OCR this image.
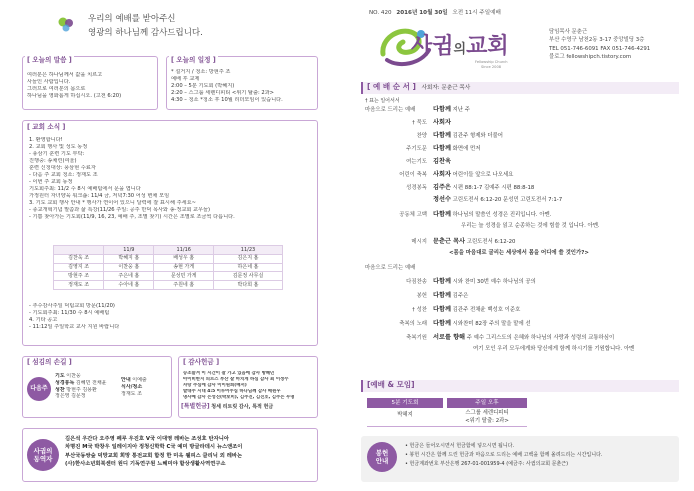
우리의 예배를 받아주신
영광의 하나님께 감사드립니다.
[ 오늘의 말씀 ]
여러분은 하나님께서 값을 치르고
사들인 사람입니다.
그러므로 여러분의 몸으로
하나님을 영화롭게 하십시오. (고전 6:20)
[ 오늘의 일정 ]
* 설거지 / 청소: 방현주 조
예배 후 교제
2:00 – 5분 기도회 (박혜지)
2:20 – 스그룹 세렌디피티 <위기 탈출: 2과>
4:30 – 청소 *청소 후 10월 리더모임이 있습니다.
[ 교회 소식 ]
1. 환영합니다!
2. 교회 행사 및 성도 동정
- 풍삼기 훈련 기도 부탁:
진행중: 송채린(여울)
훈련 신청대상: 풍삼현 수료자
- 다음 주 교회 청소: 정재도 조
- 이번 주 교회 동정
기도회주최: 11/2 수 8시 예배팀에서 문을 엽니다
가정원터 자녀양육 워크숍: 11/4 금, 저녁7:30 어성 변채 모임
3. 기도 교회 행사 안내 * 행사가 연이어 있으니 달력에 잘 표시해 주세요~
- 종교개혁기념 말씀과 삶 특강(11/26 주일: 공주 만덕 목사와 송·정교회 교우들)
- 기쁨 찾아가는 기도회(11/9, 16, 23, 예배 주, 조별 찾기) 시간은 조별로 조금씩 다릅니다.
	11/9	11/16	11/23
김찬욱 조	박혜지 홈	배성우 홈	김은지 홈
김영지 조	이찬웅 홈	송현 가게	하은네 홈
방현주 조	주은네 홈	문성민 가게	김문정 사무실
정재도 조	수아네 홈	주원네 홈	박다희 홈
- 추수감사주일 덕팀교회 방문(11/20)
- 기도회주최: 11/30 수 8시 예배팀
4. 기타 공고
- 11:12일 주일학교 교사 지원 바랍니다
[ 섬김의 손길 ]
다음주
기도 이찬웅
성경봉독 김혜민 전채윤
성찬 방현주 김용환
정은영 김문정
안내 이예출
식사/청소
정재도 조
[ 감사헌금 ]
승조즐겨 이 시간이 잘 가고 있음에 감사 방혜민
아이비한지 피르스 부산 잘 마치게 하심 감사 최 이정수
자랑 주심에 감사 이이원희(배서)
발대주 시대 4:5 이루어주심 하나님께 감사 배원우
명사예 감사 은성진(박보미), 김주진, 김진호, 김주은 무명
[특별헌금] 청세 리트릿 감사, 특적 헌금
사귐의
동역자
김은석 우간다 오주영 페루 우진호 V국 이대영 레바논 조성호 탄자니아
차명진 M국 박창우 일레이지아 정청신학학 C국 예미 방글라데시 뉴스앤조이
부산국동쌍숲 덕망교회 희망 통전교회 합정 한 미옥 웰피스 클리닉 외 레바논
(사)한사소년회북센터 원디 기독연구원 느헤미야 할상생활사역연구소
NO. 420 2016년 10월 30일 오전 11시 주일예배
사귐의교회
Fellowship Church
Since 2008
담임목사 문춘근
부산 수영구 남천2동 3-17 중앙빌딩 3층
TEL 051-746-6091 FAX 051-746-4291
블로그 fellowshipch.tistory.com
[ 예 배 순 서 ] 사회자: 문춘근 목사
† 표는 일어서서
마음으로 드리는 예배	다함께 지난 주
† 묵도 사회자
찬양 다함께 김관주 형제와 더불어
주기도문 다함께 화면에 먼저
여는기도 김찬욱
어린이 축복 사회자 어린이들 앞으로 나오세요
성경봉독 김주은 시편 88:1-7 김예주 시편 88:8-18
정선수 고린도전서 6:12-20 문성민 고린도전서 7:1-7
공동체 고백 다함께 하나님의 말씀인 성경은 진리입니다. 아멘.
우리는 늘 성경을 읽고 순종하는 것에 힘쓸 것 입니다. 아멘.
메시지 문춘근 목사 고린도전서 6:12-20
<몸을 마음대로 굴리는 세상에서 몸을 어디에 쓸 것인가?>
마음으로 드리는 예배
다짐찬송 다함께 시와 찬미 30번 예수 하나님의 공의
봉헌 다함께 김주은
† 성찬 다함께 김관주 전채윤 백성호 이준호
축복의 노래 다함께 시와찬미 82장 주의 말을 맡에 선
축복기원 서로를 향해 주 예수 그리스도의 은혜와 하나님의 사랑과 성령의 교통하심이
여기 모인 우리 모두에게와 당신에게 함께 하시기를 기원합니다. 아멘
[예배 & 모임]
5분 기도회	주일 오후
박혜지	스그룹 세렌디피티
<위기 탈출: 2과>
봉헌
안내
• 헌금은 들어오시면서 헌금함에 넣으시면 됩니다.
• 봉헌 시간은 함께 드린 헌금과 마음으로 드리는 예배 고백을 함께 올려드리는 시간입니다.
• 헌금계좌번호 부산은행 267-01-001959-4 (예금주: 사귐의교회 문춘근)
